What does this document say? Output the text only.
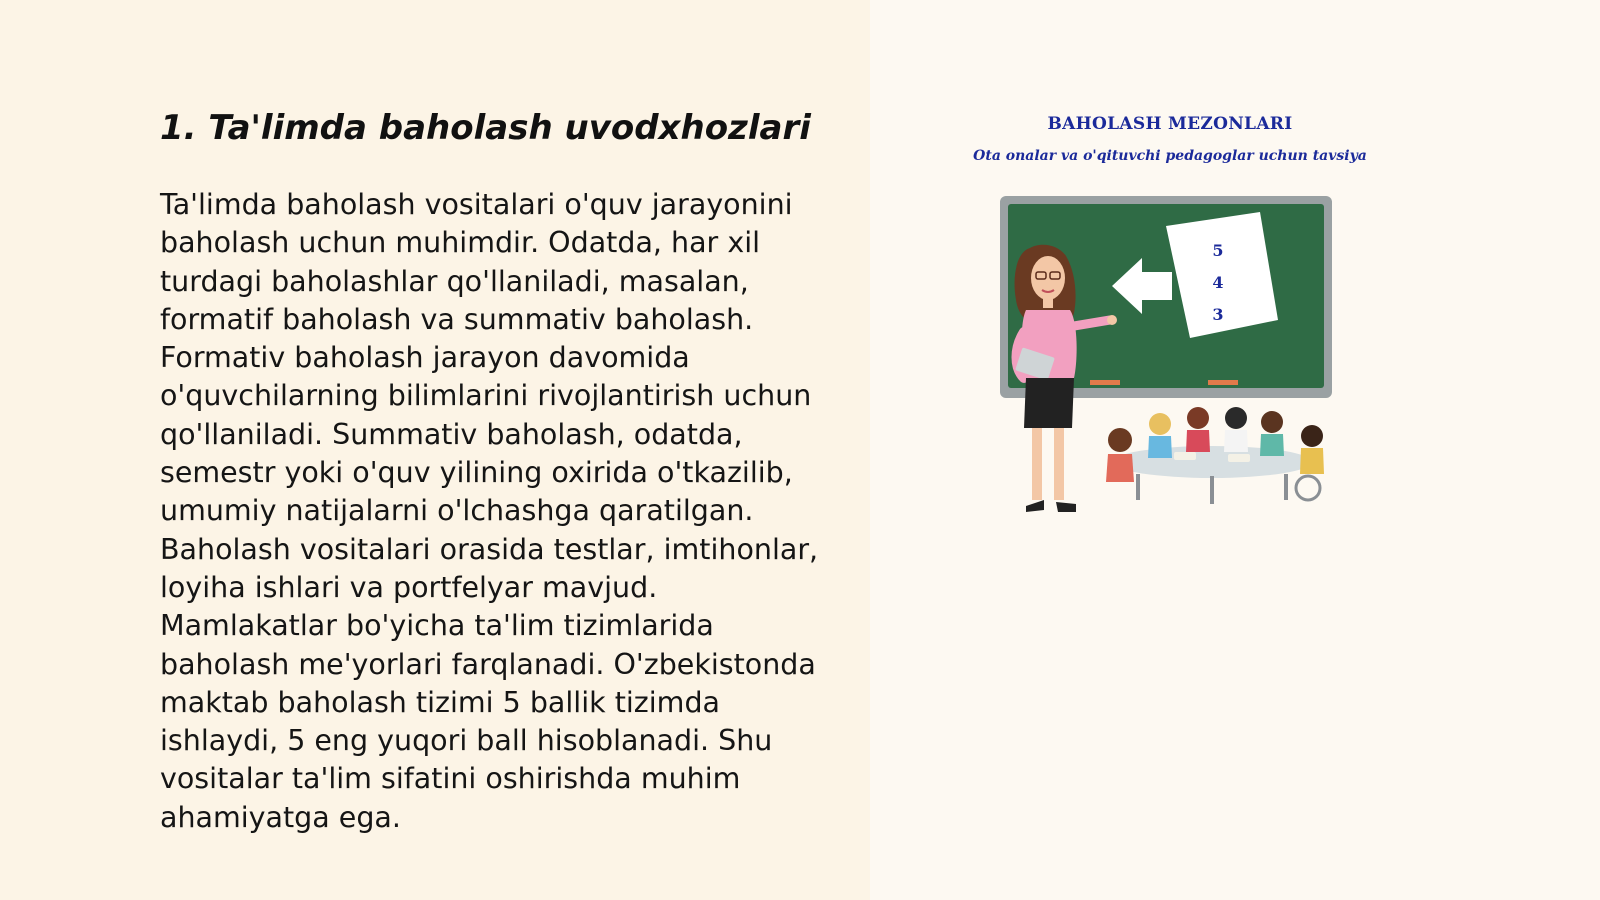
1. Ta'limda baholash uvodxhozlari

Ta'limda baholash vositalari o'quv jarayonini baholash uchun muhimdir. Odatda, har xil turdagi baholashlar qo'llaniladi, masalan, formatif baholash va summativ baholash. Formativ baholash jarayon davomida o'quvchilarning bilimlarini rivojlantirish uchun qo'llaniladi. Summativ baholash, odatda, semestr yoki o'quv yilining oxirida o'tkazilib, umumiy natijalarni o'lchashga qaratilgan. Baholash vositalari orasida testlar, imtihonlar, loyiha ishlari va portfelyar mavjud. Mamlakatlar bo'yicha ta'lim tizimlarida baholash me'yorlari farqlanadi. O'zbekistonda maktab baholash tizimi 5 ballik tizimda ishlaydi, 5 eng yuqori ball hisoblanadi. Shu vositalar ta'lim sifatini oshirishda muhim ahamiyatga ega.

BAHOLASH MEZONLARI
Ota onalar va o'qituvchi pedagoglar uchun tavsiya
5
4
3
